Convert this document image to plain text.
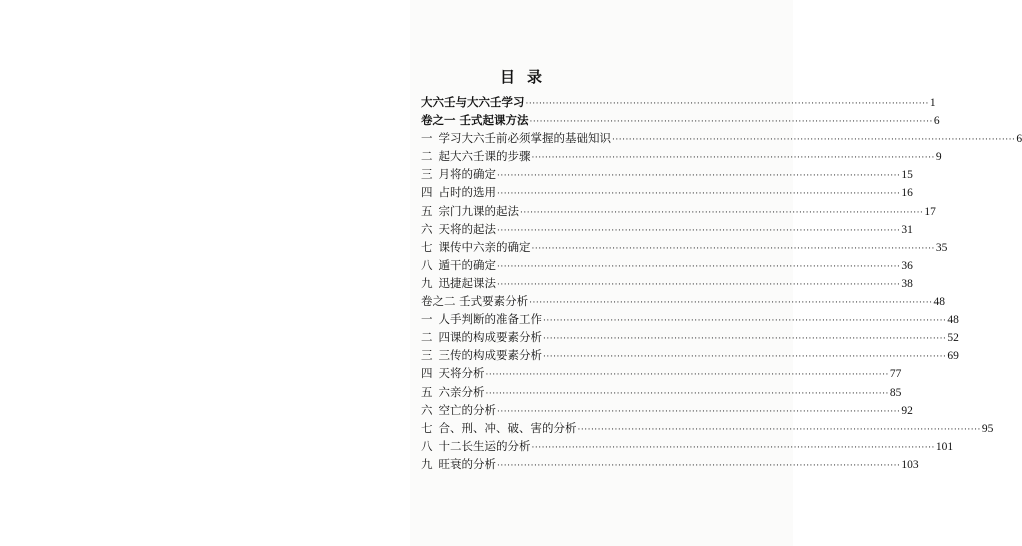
目录
大六壬与大六壬学习 ························································································································ 1
卷之一 壬式起课方法 ························································································································ 6
一 学习大六壬前必须掌握的基础知识 ························································································································ 6
二 起大六壬课的步骤 ························································································································ 9
三 月将的确定 ························································································································ 15
四 占时的选用 ························································································································ 16
五 宗门九课的起法 ························································································································ 17
六 天将的起法 ························································································································ 31
七 课传中六亲的确定 ························································································································ 35
八 遁干的确定 ························································································································ 36
九 迅捷起课法 ························································································································ 38
卷之二 壬式要素分析 ························································································································ 48
一 人手判断的准备工作 ························································································································ 48
二 四课的构成要素分析 ························································································································ 52
三 三传的构成要素分析 ························································································································ 69
四 天将分析 ························································································································ 77
五 六亲分析 ························································································································ 85
六 空亡的分析 ························································································································ 92
七 合、刑、冲、破、害的分析 ························································································································ 95
八 十二长生运的分析 ························································································································ 101
九 旺衰的分析 ························································································································ 103
